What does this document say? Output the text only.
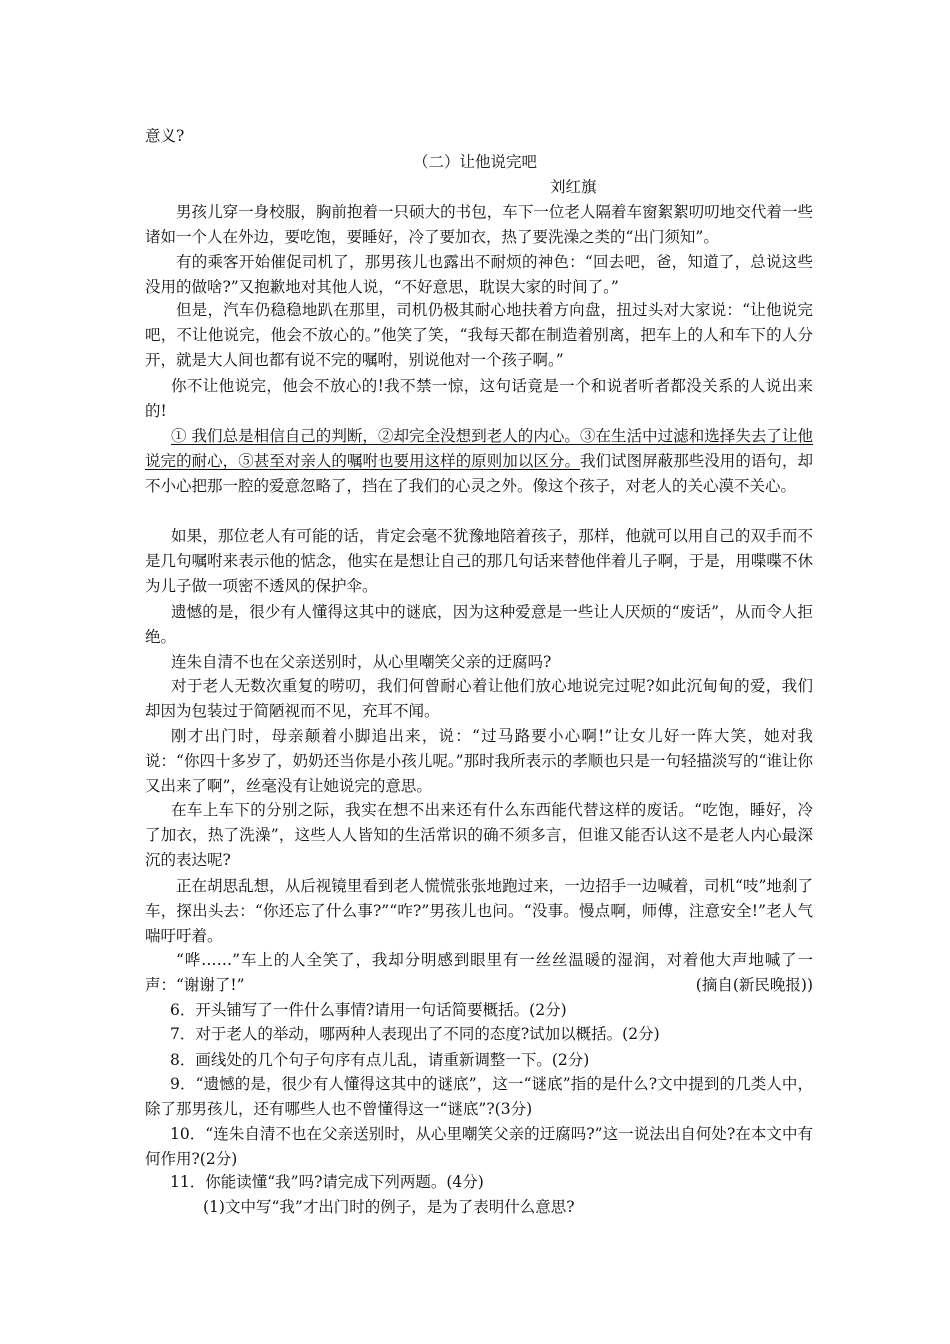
意义?
（二）让他说完吧
刘红旗
男孩儿穿一身校服，胸前抱着一只硕大的书包，车下一位老人隔着车窗絮絮叨叨地交代着一些诸如一个人在外边，要吃饱，要睡好，冷了要加衣，热了要洗澡之类的“出门须知”。
有的乘客开始催促司机了，那男孩儿也露出不耐烦的神色：“回去吧，爸，知道了，总说这些没用的做啥?”又抱歉地对其他人说，“不好意思，耽误大家的时间了。”
但是，汽车仍稳稳地趴在那里，司机仍极其耐心地扶着方向盘，扭过头对大家说：“让他说完吧，不让他说完，他会不放心的。”他笑了笑，“我每天都在制造着别离，把车上的人和车下的人分开，就是大人间也都有说不完的嘱咐，别说他对一个孩子啊。”
你不让他说完，他会不放心的!我不禁一惊，这句话竟是一个和说者听者都没关系的人说出来的!
① 我们总是相信自己的判断，②却完全没想到老人的内心。③在生活中过滤和选择失去了让他说完的耐心，⑤甚至对亲人的嘱咐也要用这样的原则加以区分。我们试图屏蔽那些没用的语句，却不小心把那一腔的爱意忽略了，挡在了我们的心灵之外。像这个孩子，对老人的关心漠不关心。
如果，那位老人有可能的话，肯定会毫不犹豫地陪着孩子，那样，他就可以用自己的双手而不是几句嘱咐来表示他的惦念，他实在是想让自己的那几句话来替他伴着儿子啊，于是，用喋喋不休为儿子做一项密不透风的保护伞。
遗憾的是，很少有人懂得这其中的谜底，因为这种爱意是一些让人厌烦的“废话”，从而令人拒绝。
连朱自清不也在父亲送别时，从心里嘲笑父亲的迂腐吗?
对于老人无数次重复的唠叨，我们何曾耐心着让他们放心地说完过呢?如此沉甸甸的爱，我们却因为包装过于简陋视而不见，充耳不闻。
刚才出门时，母亲颠着小脚追出来，说：“过马路要小心啊!”让女儿好一阵大笑，她对我说：“你四十多岁了，奶奶还当你是小孩儿呢。”那时我所表示的孝顺也只是一句轻描淡写的“谁让你又出来了啊”，丝毫没有让她说完的意思。
在车上车下的分别之际，我实在想不出来还有什么东西能代替这样的废话。“吃饱，睡好，冷了加衣，热了洗澡”，这些人人皆知的生活常识的确不须多言，但谁又能否认这不是老人内心最深沉的表达呢?
正在胡思乱想，从后视镜里看到老人慌慌张张地跑过来，一边招手一边喊着，司机“吱”地刹了车，探出头去：“你还忘了什么事?”“咋?”男孩儿也问。“没事。慢点啊，师傅，注意安全!”老人气喘吁吁着。
“哗……”车上的人全笑了，我却分明感到眼里有一丝丝温暖的湿润，对着他大声地喊了一声：“谢谢了!”	(摘自(新民晚报))
6．开头铺写了一件什么事情?请用一句话简要概括。(2分)
7．对于老人的举动，哪两种人表现出了不同的态度?试加以概括。(2分)
8．画线处的几个句子句序有点儿乱，请重新调整一下。(2分)
9．“遗憾的是，很少有人懂得这其中的谜底”，这一“谜底”指的是什么?文中提到的几类人中，除了那男孩儿，还有哪些人也不曾懂得这一“谜底”?(3分)
10．“连朱自清不也在父亲送别时，从心里嘲笑父亲的迂腐吗?”这一说法出自何处?在本文中有何作用?(2分)
11．你能读懂“我”吗?请完成下列两题。(4分)
(1)文中写“我”才出门时的例子，是为了表明什么意思?
